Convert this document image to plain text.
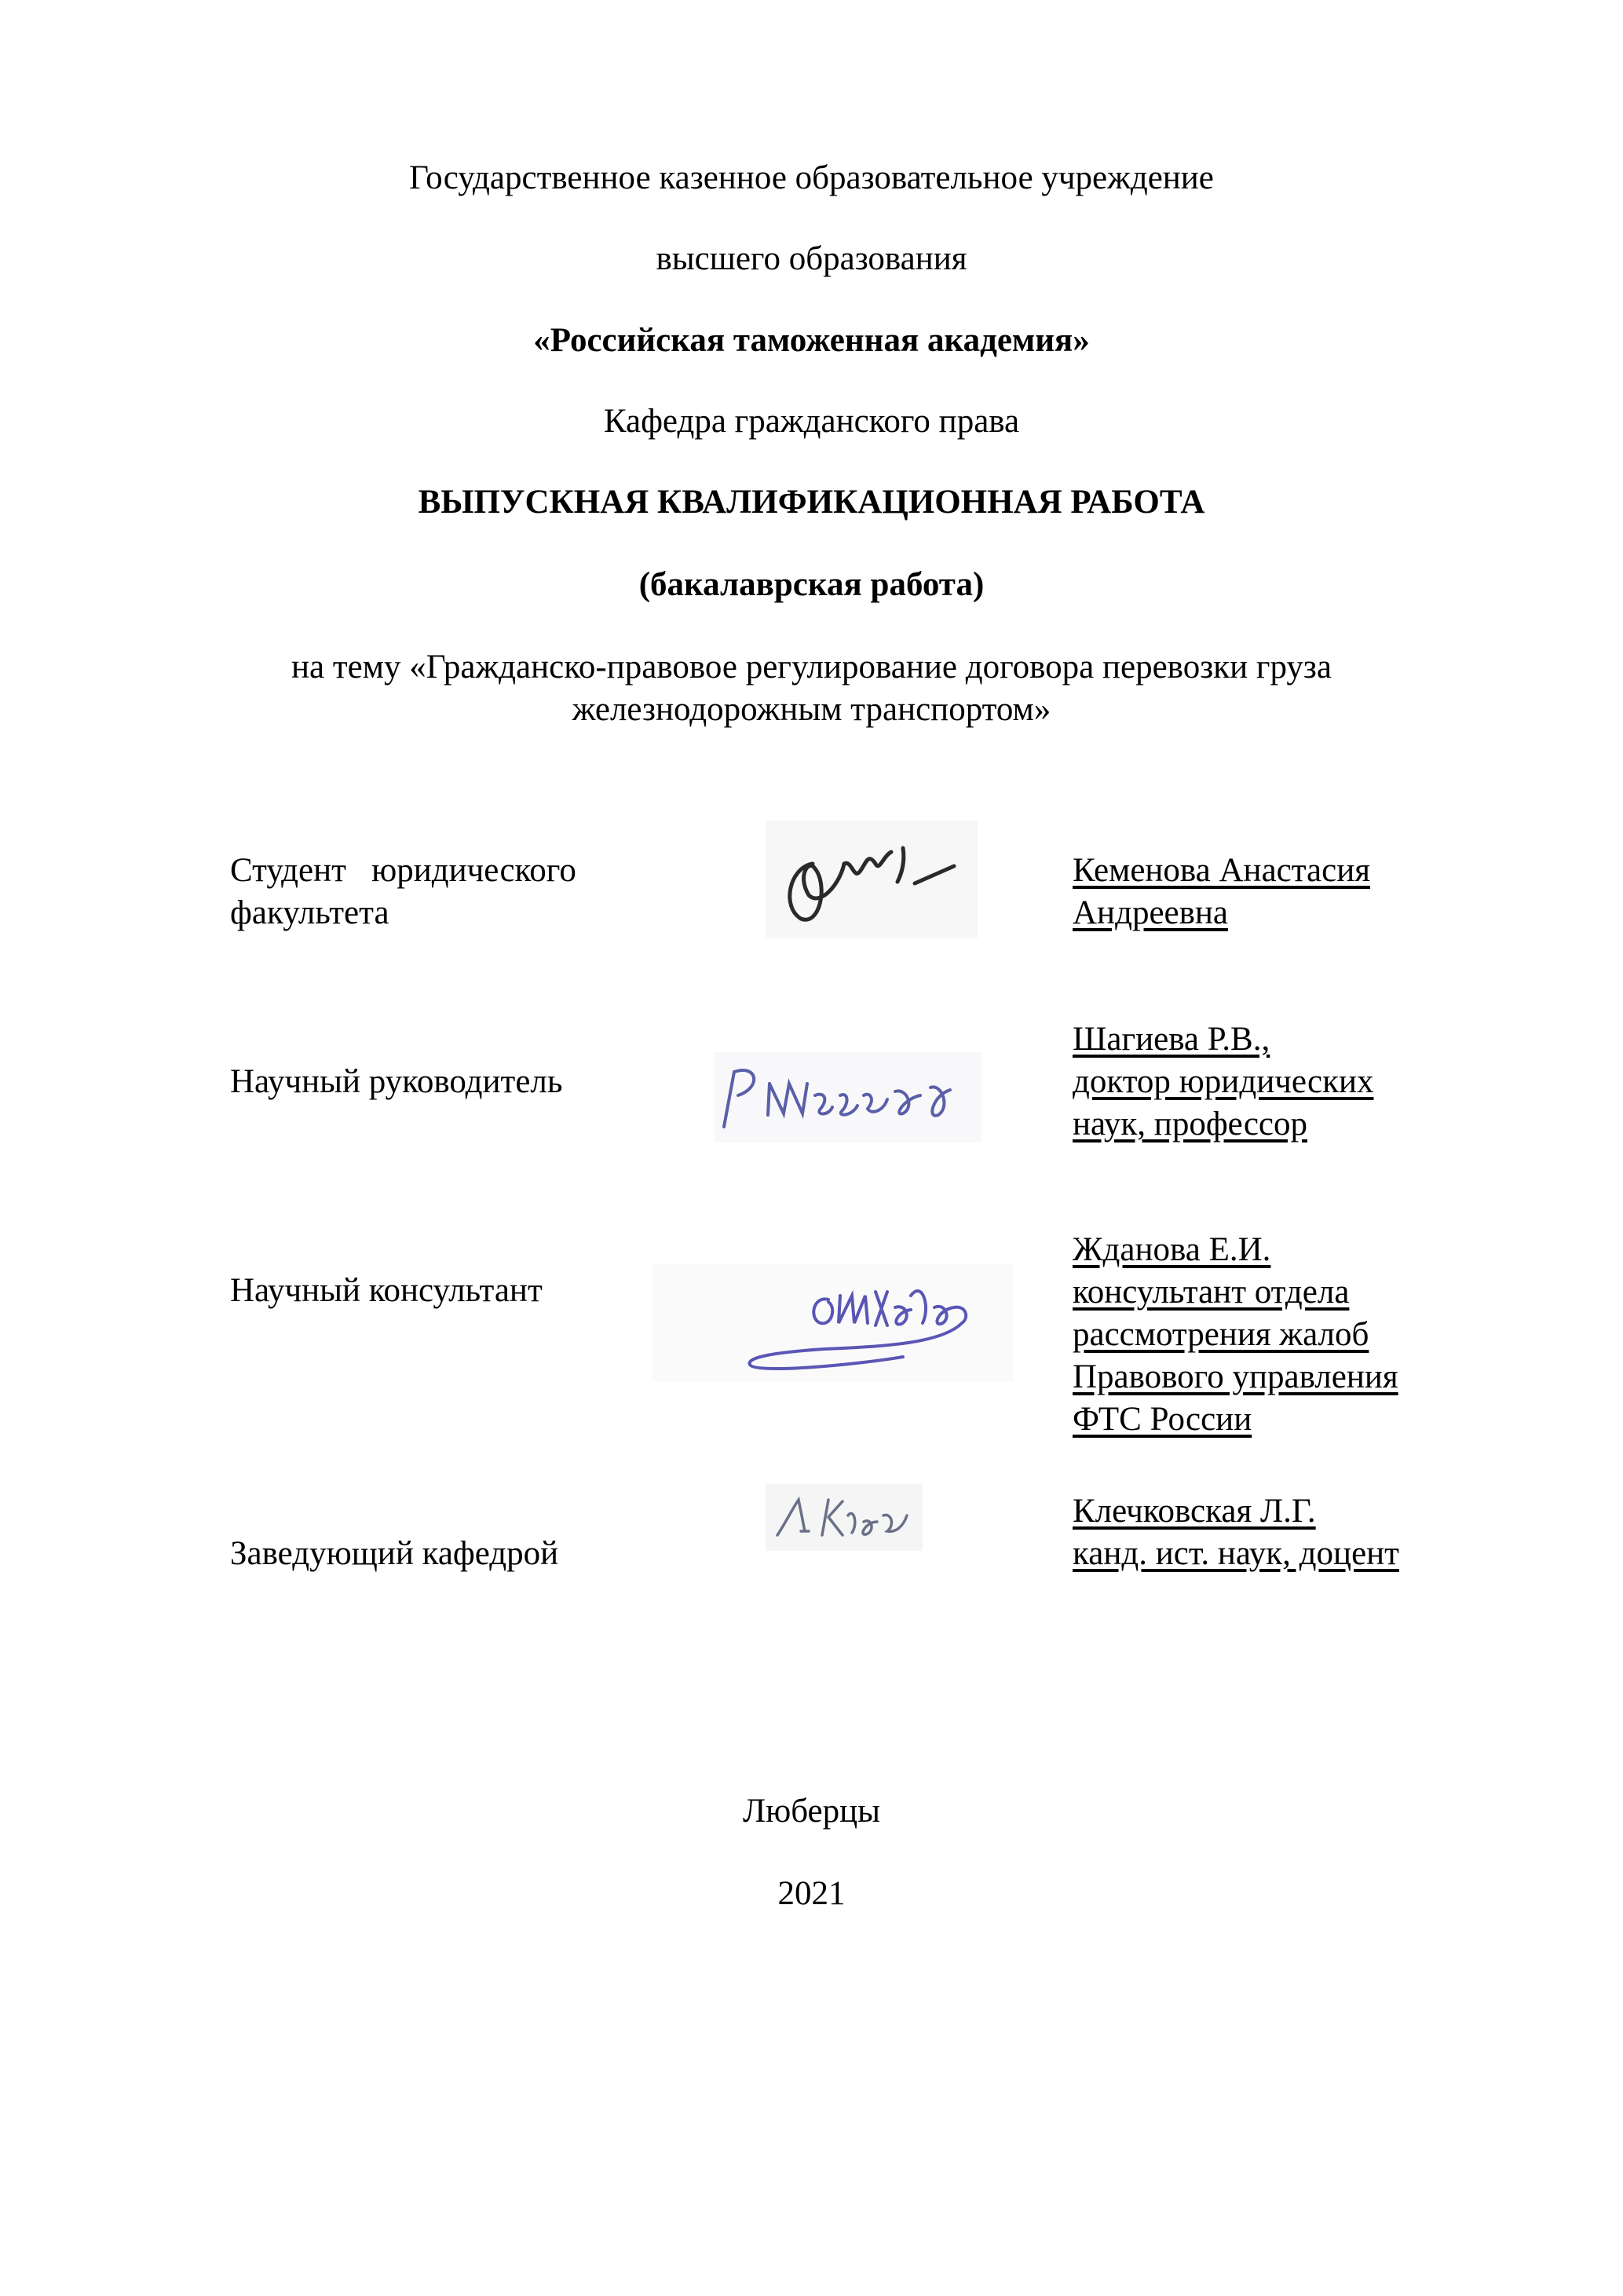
Государственное казенное образовательное учреждение
высшего образования
«Российская таможенная академия»
Кафедра гражданского права
ВЫПУСКНАЯ КВАЛИФИКАЦИОННАЯ РАБОТА
(бакалаврская работа)
на тему «Гражданско-правовое регулирование договора перевозки груза
железнодорожным транспортом»
Студент   юридического
факультета
Кеменова Анастасия
Андреевна
Научный руководитель
Шагиева Р.В.,
доктор юридических
наук, профессор
Научный консультант
Жданова Е.И.
консультант отдела
рассмотрения жалоб
Правового управления
ФТС России
Заведующий кафедрой
Клечковская Л.Г.
канд. ист. наук, доцент
Люберцы
2021
